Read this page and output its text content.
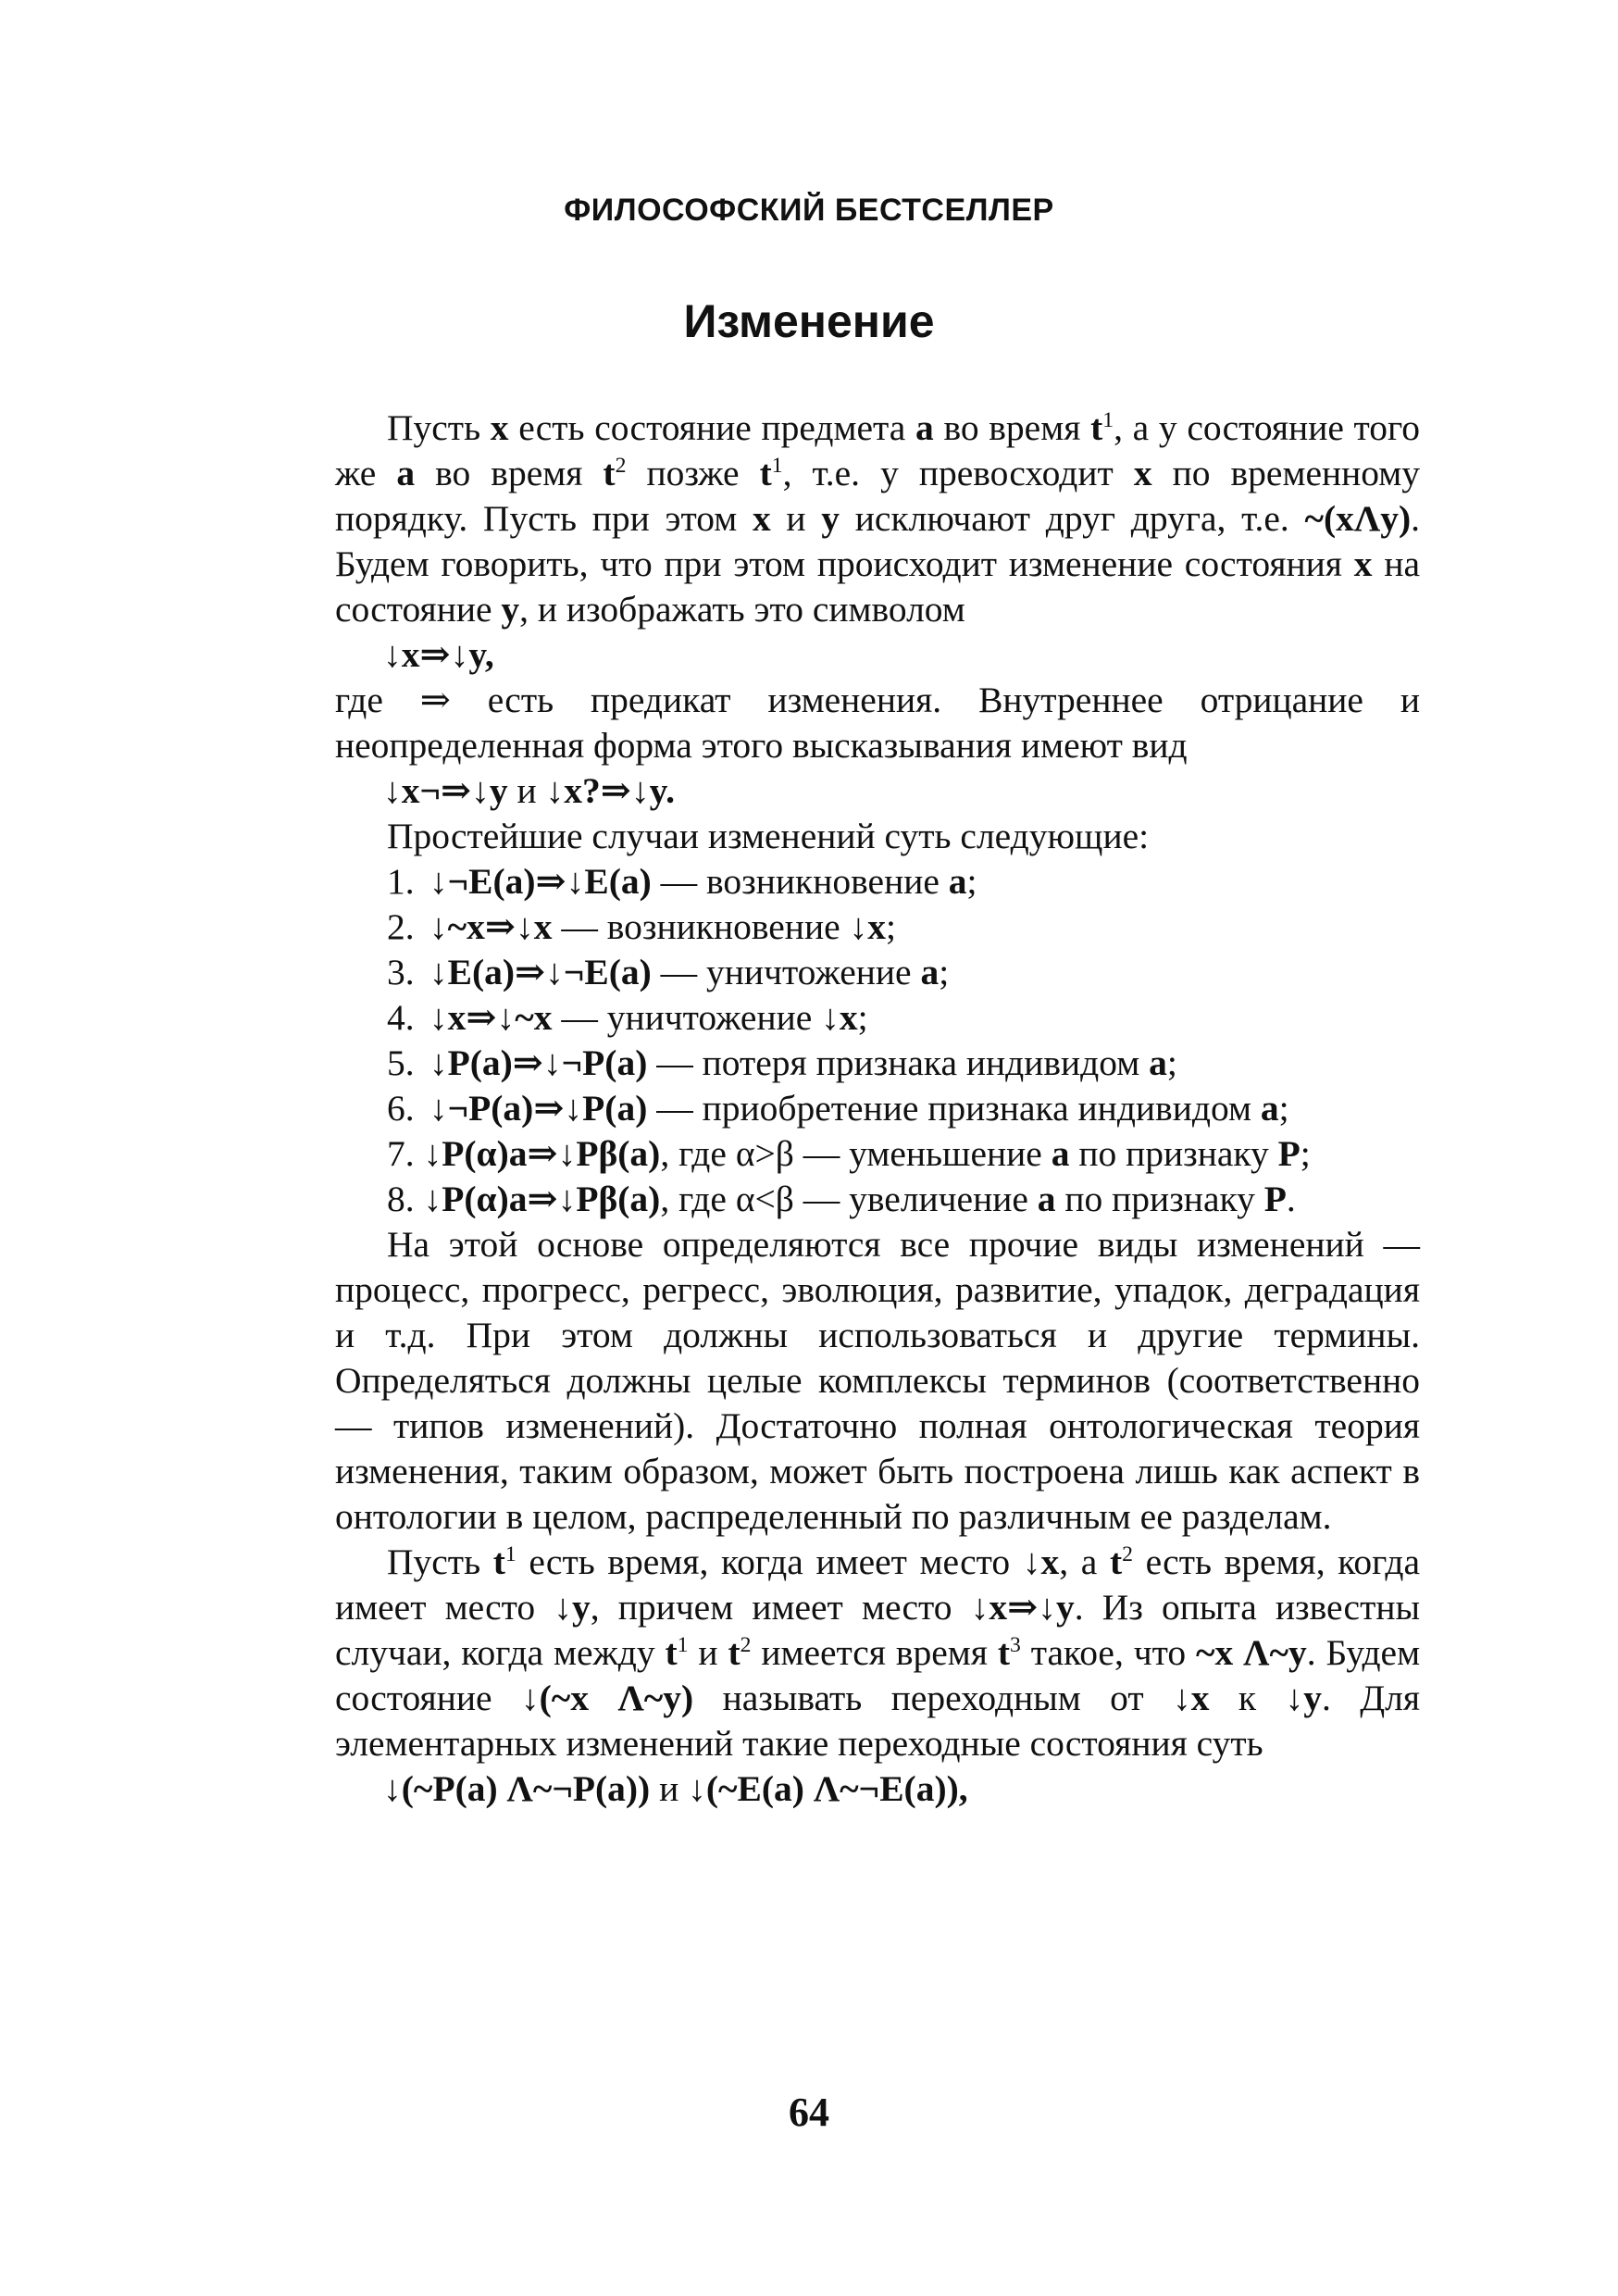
ФИЛОСОФСКИЙ БЕСТСЕЛЛЕР
Изменение

Пусть x есть состояние предмета a во время $t^1$, а у состояние того же a во время $t^2$ позже $t^1$, т.е. у превосходит x по временному порядку. Пусть при этом x и y исключают друг друга, т.е. ~(xΛy). Будем говорить, что при этом происходит изменение состояния x на состояние y, и изображать это символом

↓x⇒↓y,

где ⇒ есть предикат изменения. Внутреннее отрицание и неопределенная форма этого высказывания имеют вид

↓x¬⇒↓y и ↓x?⇒↓y.

Простейшие случаи изменений суть следующие:

1. ↓¬E(a)⇒↓E(a) — возникновение a;

2. ↓~x⇒↓x — возникновение ↓x;

3. ↓E(a)⇒↓¬E(a) — уничтожение a;

4. ↓x⇒↓~x — уничтожение ↓x;

5. ↓P(a)⇒↓¬P(a) — потеря признака индивидом a;

6. ↓¬P(a)⇒↓P(a) — приобретение признака индивидом a;

7. ↓P(α)a⇒↓Pβ(a), где α>β — уменьшение a по признаку P;

8. ↓P(α)a⇒↓Pβ(a), где α<β — увеличение a по признаку P.

На этой основе определяются все прочие виды изменений — процесс, прогресс, регресс, эволюция, развитие, упадок, деградация и т.д. При этом должны использоваться и другие термины. Определяться должны целые комплексы терминов (соответственно — типов изменений). Достаточно полная онтологическая теория изменения, таким образом, может быть построена лишь как аспект в онтологии в целом, распределенный по различным ее разделам.

Пусть $t^1$ есть время, когда имеет место ↓x, а $t^2$ есть время, когда имеет место ↓y, причем имеет место ↓x⇒↓y. Из опыта известны случаи, когда между $t^1$ и $t^2$ имеется время $t^3$ такое, что ~x Λ~y. Будем состояние ↓(~x Λ~y) называть переходным от ↓x к ↓y. Для элементарных изменений такие переходные состояния суть

↓(~P(a) Λ~¬P(a)) и ↓(~E(a) Λ~¬E(a)),

64
